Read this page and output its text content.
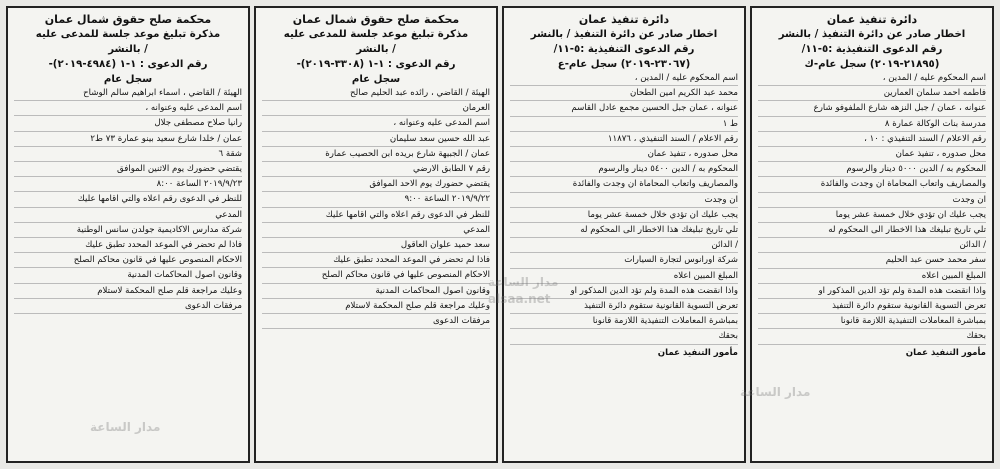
دائرة تنفيذ عمان
اخطار صادر عن دائرة التنفيذ / بالنشر
رقم الدعوى التنفيذية :٥-١١/
(٢١٨٩٥-٢٠١٩) سجل عام-ك
اسم المحكوم عليه / المدين ،
فاطمه احمد سلمان العمارين
عنوانه ، عمان / جبل النزهه شارع الملفوفو شارع
مدرسة بنات الوكالة عمارة ٨
رقم الاعلام / السند التنفيذي : ١٠ ،
محل صدوره ، تنفيذ عمان
المحكوم به / الدين ٥٠٠٠ دينار والرسوم
والمصاريف واتعاب المحاماة ان وجدت والفائدة
ان وجدت
يجب عليك ان تؤدي خلال خمسة عشر يوما
تلي تاريخ تبليغك هذا الاخطار الى المحكوم له
/ الدائن
سفر محمد حسن عبد الحليم
المبلغ المبين اعلاه
واذا انقضت هذه المدة ولم تؤد الدين المذكور او
تعرض التسوية القانونية ستقوم دائرة التنفيذ
بمباشرة المعاملات التنفيذية اللازمة قانونا
بحقك
مأمور التنفيذ عمان
دائرة تنفيذ عمان
اخطار صادر عن دائرة التنفيذ / بالنشر
رقم الدعوى التنفيذية :٥-١١/
(٢٣٠٦٧-٢٠١٩) سجل عام-ع
اسم المحكوم عليه / المدين ،
محمد عبد الكريم امين الطحان
عنوانه ، عمان جبل الحسين مجمع عادل القاسم
ط ١
رقم الاعلام / السند التنفيذي ، ١١٨٧٦
محل صدوره ، تنفيذ عمان
المحكوم به / الدين ٥٤٠٠ دينار والرسوم
والمصاريف واتعاب المحاماة ان وجدت والفائدة
ان وجدت
يجب عليك ان تؤدي خلال خمسة عشر يوما
تلي تاريخ تبليغك هذا الاخطار الى المحكوم له
/ الدائن
شركة اورانوس لتجارة السيارات
المبلغ المبين اعلاه
واذا انقضت هذه المدة ولم تؤد الدين المذكور او
تعرض التسوية القانونية ستقوم دائرة التنفيذ
بمباشرة المعاملات التنفيذية اللازمة قانونا
بحقك
مأمور التنفيذ عمان
محكمة صلح حقوق شمال عمان
مذكرة تبليغ موعد جلسة للمدعى عليه
/ بالنشر
رقم الدعوى : ١-١ (٣٣٠٨-٢٠١٩)-
سجل عام
الهيئة / القاضي ، رائده عبد الحليم صالح
العرمان
اسم المدعى عليه وعنوانه ،
عبد الله حسين سعد سليمان
عمان / الجبيهة شارع بريده ابن الحصيب عمارة
رقم ٧ الطابق الارضي
يقتضي حضورك يوم الاحد الموافق
٢٠١٩/٩/٢٢ الساعة ٩:٠٠
للنظر في الدعوى رقم اعلاه والتي اقامها عليك
المدعي
سعد حميد علوان العاقول
فاذا لم تحضر في الموعد المحدد تطبق عليك
الاحكام المنصوص عليها في قانون محاكم الصلح
وقانون اصول المحاكمات المدنية
وعليك مراجعة قلم صلح المحكمة لاستلام
مرفقات الدعوى
محكمة صلح حقوق شمال عمان
مذكرة تبليغ موعد جلسة للمدعى عليه
/ بالنشر
رقم الدعوى : ١-١ (٤٩٨٤-٢٠١٩)-
سجل عام
الهيئة / القاضي ، اسماء ابراهيم سالم الوشاح
اسم المدعى عليه وعنوانه ،
رانيا صلاح مصطفى جلال
عمان / خلدا شارع سعيد بينو عمارة ٧٣ ط٢
شقة ٦
يقتضي حضورك يوم الاثنين الموافق
٢٠١٩/٩/٢٣ الساعة ٨:٠٠
للنظر في الدعوى رقم اعلاه والتي اقامها عليك
المدعي
شركة مدارس الاكاديمية جولدن سانس الوطنية
فاذا لم تحضر في الموعد المحدد تطبق عليك
الاحكام المنصوص عليها في قانون محاكم الصلح
وقانون اصول المحاكمات المدنية
وعليك مراجعة قلم صلح المحكمة لاستلام
مرفقات الدعوى
مدار الساعة
alsaa.net
مدار الساعة
مدار الساعة
